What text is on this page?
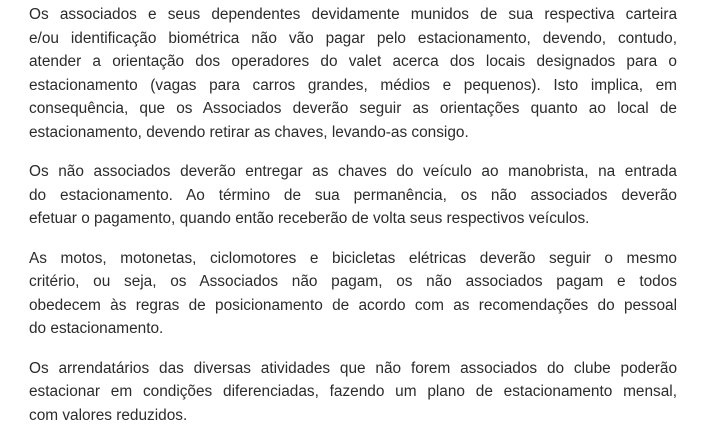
Os associados e seus dependentes devidamente munidos de sua respectiva carteira
e/ou identificação biométrica não vão pagar pelo estacionamento, devendo, contudo,
atender a orientação dos operadores do valet acerca dos locais designados para o
estacionamento (vagas para carros grandes, médios e pequenos). Isto implica, em
consequência, que os Associados deverão seguir as orientações quanto ao local de
estacionamento, devendo retirar as chaves, levando-as consigo.

Os não associados deverão entregar as chaves do veículo ao manobrista, na entrada
do estacionamento. Ao término de sua permanência, os não associados deverão
efetuar o pagamento, quando então receberão de volta seus respectivos veículos.

As motos, motonetas, ciclomotores e bicicletas elétricas deverão seguir o mesmo
critério, ou seja, os Associados não pagam, os não associados pagam e todos
obedecem às regras de posicionamento de acordo com as recomendações do pessoal
do estacionamento.

Os arrendatários das diversas atividades que não forem associados do clube poderão
estacionar em condições diferenciadas, fazendo um plano de estacionamento mensal,
com valores reduzidos.
